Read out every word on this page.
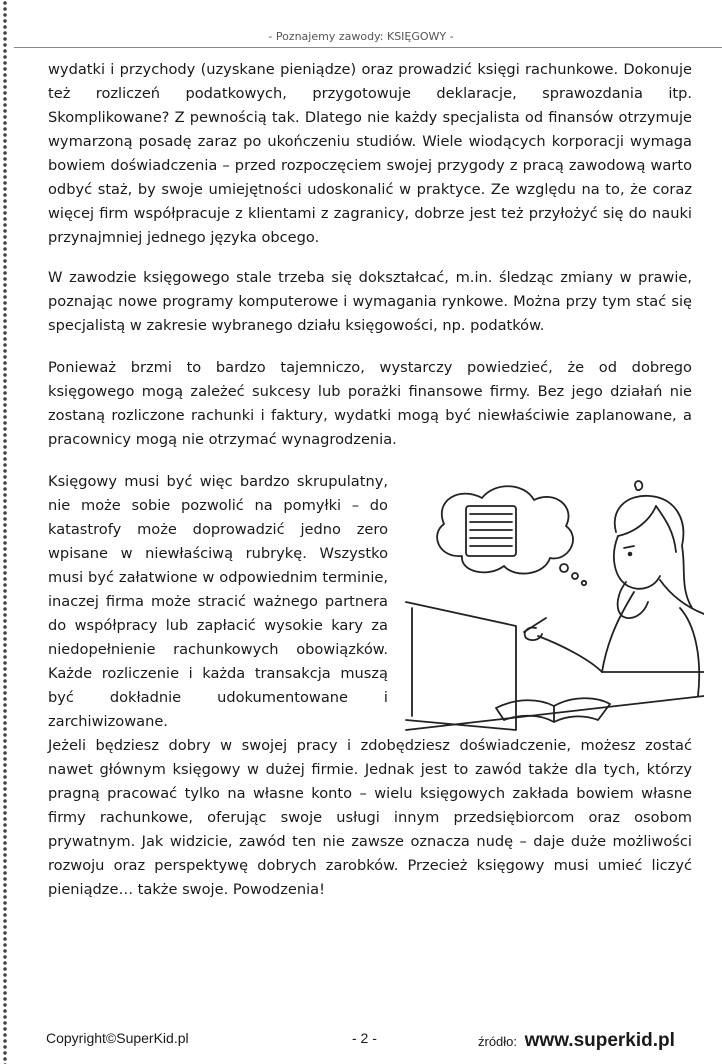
- Poznajemy zawody: KSIĘGOWY -

wydatki i przychody (uzyskane pieniądze) oraz prowadzić księgi rachunkowe. Dokonuje też rozliczeń podatkowych, przygotowuje deklaracje, sprawozdania itp. Skomplikowane? Z pewnością tak. Dlatego nie każdy specjalista od finansów otrzymuje wymarzoną posadę zaraz po ukończeniu studiów. Wiele wiodących korporacji wymaga bowiem doświadczenia – przed rozpoczęciem swojej przygody z pracą zawodową warto odbyć staż, by swoje umiejętności udoskonalić w praktyce. Ze względu na to, że coraz więcej firm współpracuje z klientami z zagranicy, dobrze jest też przyłożyć się do nauki przynajmniej jednego języka obcego.

W zawodzie księgowego stale trzeba się dokształcać, m.in. śledząc zmiany w prawie, poznając nowe programy komputerowe i wymagania rynkowe. Można przy tym stać się specjalistą w zakresie wybranego działu księgowości, np. podatków.

Ponieważ brzmi to bardzo tajemniczo, wystarczy powiedzieć, że od dobrego księgowego mogą zależeć sukcesy lub porażki finansowe firmy. Bez jego działań nie zostaną rozliczone rachunki i faktury, wydatki mogą być niewłaściwie zaplanowane, a pracownicy mogą nie otrzymać wynagrodzenia.

Księgowy musi być więc bardzo skrupulatny, nie może sobie pozwolić na pomyłki – do katastrofy może doprowadzić jedno zero wpisane w niewłaściwą rubrykę. Wszystko musi być załatwione w odpowiednim terminie, inaczej firma może stracić ważnego partnera do współpracy lub zapłacić wysokie kary za niedopełnienie rachunkowych obowiązków. Każde rozliczenie i każda transakcja muszą być dokładnie udokumentowane i zarchiwizowane.

Jeżeli będziesz dobry w swojej pracy i zdobędziesz doświadczenie, możesz zostać nawet głównym księgowy w dużej firmie. Jednak jest to zawód także dla tych, którzy pragną pracować tylko na własne konto – wielu księgowych zakłada bowiem własne firmy rachunkowe, oferując swoje usługi innym przedsiębiorcom oraz osobom prywatnym. Jak widzicie, zawód ten nie zawsze oznacza nudę – daje duże możliwości rozwoju oraz perspektywę dobrych zarobków. Przecież księgowy musi umieć liczyć pieniądze… także swoje. Powodzenia!

Copyright©SuperKid.pl	- 2 -	źródło: www.superkid.pl
